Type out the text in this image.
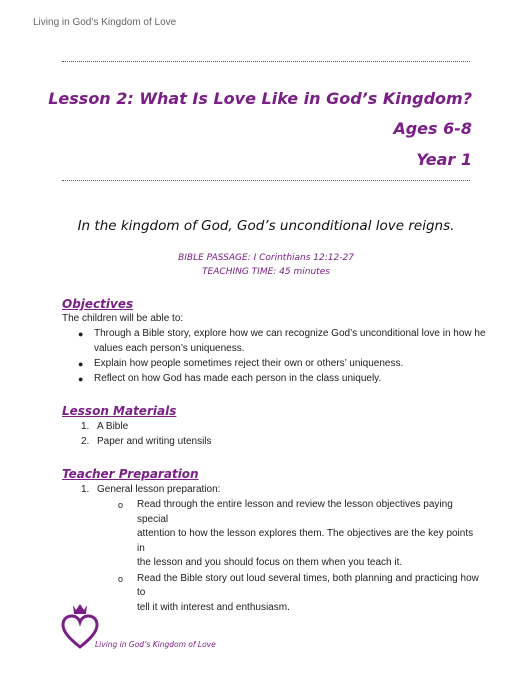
Living in God’s Kingdom of Love
Lesson 2: What Is Love Like in God’s Kingdom?
Ages 6-8
Year 1
In the kingdom of God, God’s unconditional love reigns.
BIBLE PASSAGE: I Corinthians 12:12-27
TEACHING TIME: 45 minutes
Objectives
The children will be able to:
● Through a Bible story, explore how we can recognize God’s unconditional love in how he
values each person’s uniqueness.
● Explain how people sometimes reject their own or others’ uniqueness.
● Reflect on how God has made each person in the class uniquely.
Lesson Materials
1. A Bible
2. Paper and writing utensils
Teacher Preparation
1. General lesson preparation:
o Read through the entire lesson and review the lesson objectives paying special
attention to how the lesson explores them. The objectives are the key points in
the lesson and you should focus on them when you teach it.
o Read the Bible story out loud several times, both planning and practicing how to
tell it with interest and enthusiasm.
Living in God’s Kingdom of Love
